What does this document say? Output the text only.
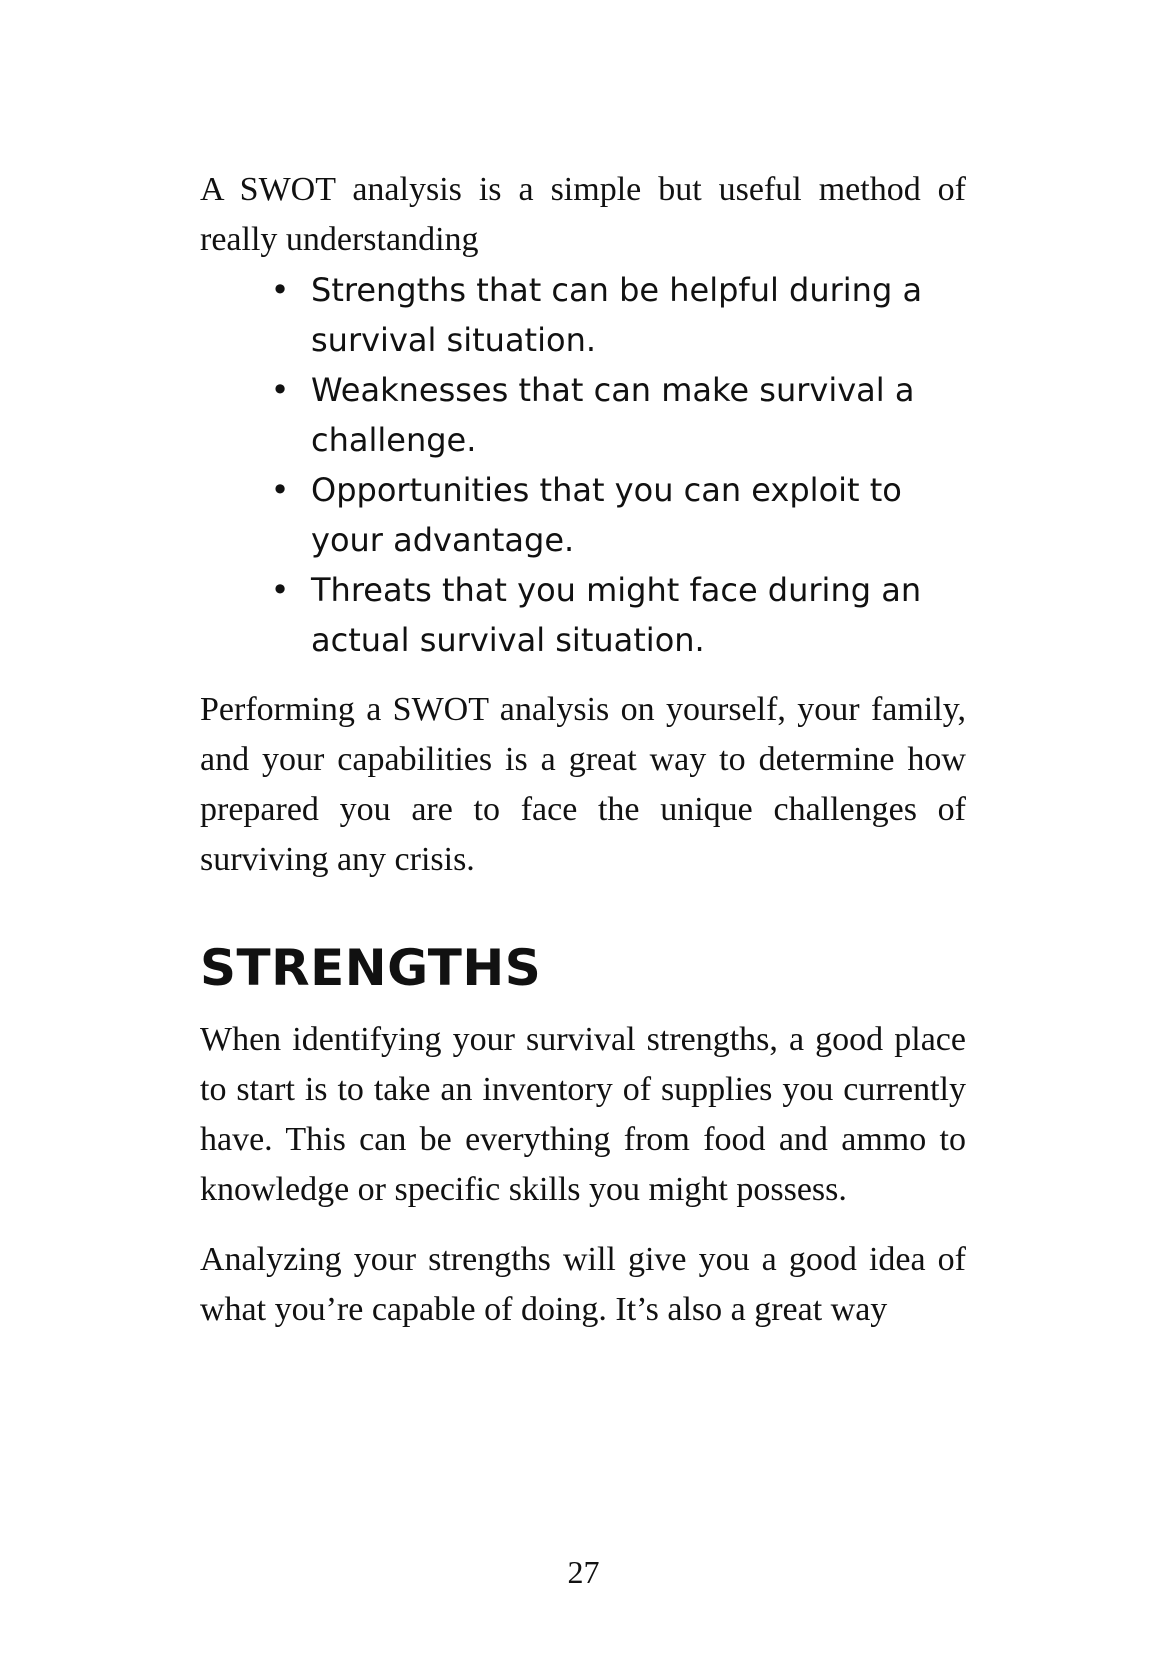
A SWOT analysis is a simple but useful method of really understanding

• Strengths that can be helpful during a survival situation.
• Weaknesses that can make survival a challenge.
• Opportunities that you can exploit to your advantage.
• Threats that you might face during an actual survival situation.

Performing a SWOT analysis on yourself, your family, and your capabilities is a great way to determine how prepared you are to face the unique challenges of surviving any crisis.

STRENGTHS

When identifying your survival strengths, a good place to start is to take an inventory of supplies you currently have. This can be everything from food and ammo to knowledge or specific skills you might possess.

Analyzing your strengths will give you a good idea of what you’re capable of doing. It’s also a great way

27
